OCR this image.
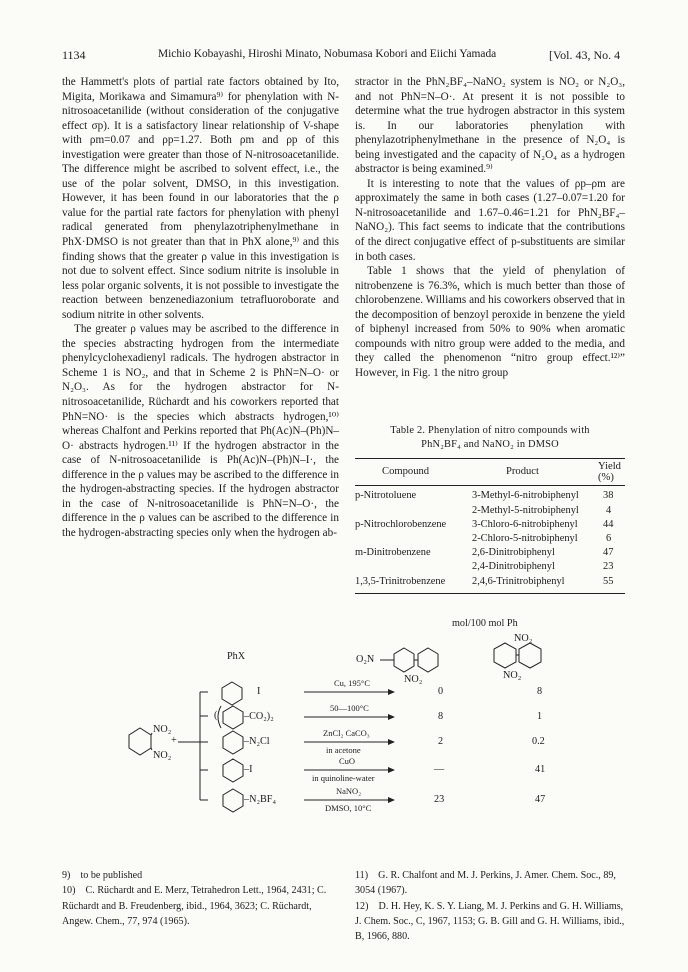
1134	Michio Kobayashi, Hiroshi Minato, Nobumasa Kobori and Eiichi Yamada	[Vol. 43, No. 4

the Hammett's plots of partial rate factors obtained by Ito, Migita, Morikawa and Simamura⁹⁾ for phenylation with N-nitrosoacetanilide (without consideration of the conjugative effect σp). It is a satisfactory linear relationship of V-shape with ρm=0.07 and ρp=1.27. Both ρm and ρp of this investigation were greater than those of N-nitrosoacetanilide. The difference might be ascribed to solvent effect, i.e., the use of the polar solvent, DMSO, in this investigation. However, it has been found in our laboratories that the ρ value for the partial rate factors for phenylation with phenyl radical generated from phenylazotriphenylmethane in PhX·DMSO is not greater than that in PhX alone,⁹⁾ and this finding shows that the greater ρ value in this investigation is not due to solvent effect. Since sodium nitrite is insoluble in less polar organic solvents, it is not possible to investigate the reaction between benzenediazonium tetrafluoroborate and sodium nitrite in other solvents.

The greater ρ values may be ascribed to the difference in the species abstracting hydrogen from the intermediate phenylcyclohexadienyl radicals. The hydrogen abstractor in Scheme 1 is NO₂, and that in Scheme 2 is PhN=N–O· or N₂O₃. As for the hydrogen abstractor for N-nitrosoacetanilide, Rüchardt and his coworkers reported that PhN=NO· is the species which abstracts hydrogen,¹⁰⁾ whereas Chalfont and Perkins reported that Ph(Ac)N–(Ph)N–O· abstracts hydrogen.¹¹⁾ If the hydrogen abstractor in the case of N-nitrosoacetanilide is Ph(Ac)N–(Ph)N–I·, the difference in the ρ values may be ascribed to the difference in the hydrogen-abstracting species. If the hydrogen abstractor in the case of N-nitrosoacetanilide is PhN=N–O·, the difference in the ρ values can be ascribed to the difference in the hydrogen-abstracting species only when the hydrogen ab-

stractor in the PhN₂BF₄–NaNO₂ system is NO₂ or N₂O₃, and not PhN=N–O·. At present it is not possible to determine what the true hydrogen abstractor in this system is. In our laboratories phenylation with phenylazotriphenylmethane in the presence of N₂O₄ is being investigated and the capacity of N₂O₄ as a hydrogen abstractor is being examined.⁹⁾

It is interesting to note that the values of ρp–ρm are approximately the same in both cases (1.27–0.07=1.20 for N-nitrosoacetanilide and 1.67–0.46=1.21 for PhN₂BF₄–NaNO₂). This fact seems to indicate that the contributions of the direct conjugative effect of p-substituents are similar in both cases.

Table 1 shows that the yield of phenylation of nitrobenzene is 76.3%, which is much better than those of chlorobenzene. Williams and his coworkers observed that in the decomposition of benzoyl peroxide in benzene the yield of biphenyl increased from 50% to 90% when aromatic compounds with nitro group were added to the media, and they called the phenomenon “nitro group effect.¹²⁾” However, in Fig. 1 the nitro group

Table 2. Phenylation of nitro compounds with
PhN₂BF₄ and NaNO₂ in DMSO
Compound	Product	Yield
(%)
p-Nitrotoluene	3-Methyl-6-nitrobiphenyl 38
2-Methyl-5-nitrobiphenyl	4
p-Nitrochlorobenzene 3-Chloro-6-nitrobiphenyl 44
2-Chloro-5-nitrobiphenyl	6
m-Dinitrobenzene	2,6-Dinitrobiphenyl	47
2,4-Dinitrobiphenyl	23
1,3,5-Trinitrobenzene	2,4,6-Trinitrobiphenyl	55
mol/100 mol Ph
PhX	O₂N
NO₂
NO₂
NO₂
NO₂
NO₂
+
I
Cu, 195°C
0	8
(	–CO₂)₂
50—100°C
8	1
–N₂Cl
ZnCl₂ CaCO₃
in acetone
2	0.2
–I
CuO
in quinoline-water
—	41
–N₂BF₄
NaNO₂
DMSO, 10°C
23	47

9) to be published

10) C. Rüchardt and E. Merz, Tetrahedron Lett., 1964, 2431; C. Rüchardt and B. Freudenberg, ibid., 1964, 3623; C. Rüchardt, Angew. Chem., 77, 974 (1965).

11) G. R. Chalfont and M. J. Perkins, J. Amer. Chem. Soc., 89, 3054 (1967).

12) D. H. Hey, K. S. Y. Liang, M. J. Perkins and G. H. Williams, J. Chem. Soc., C, 1967, 1153; G. B. Gill and G. H. Williams, ibid., B, 1966, 880.
